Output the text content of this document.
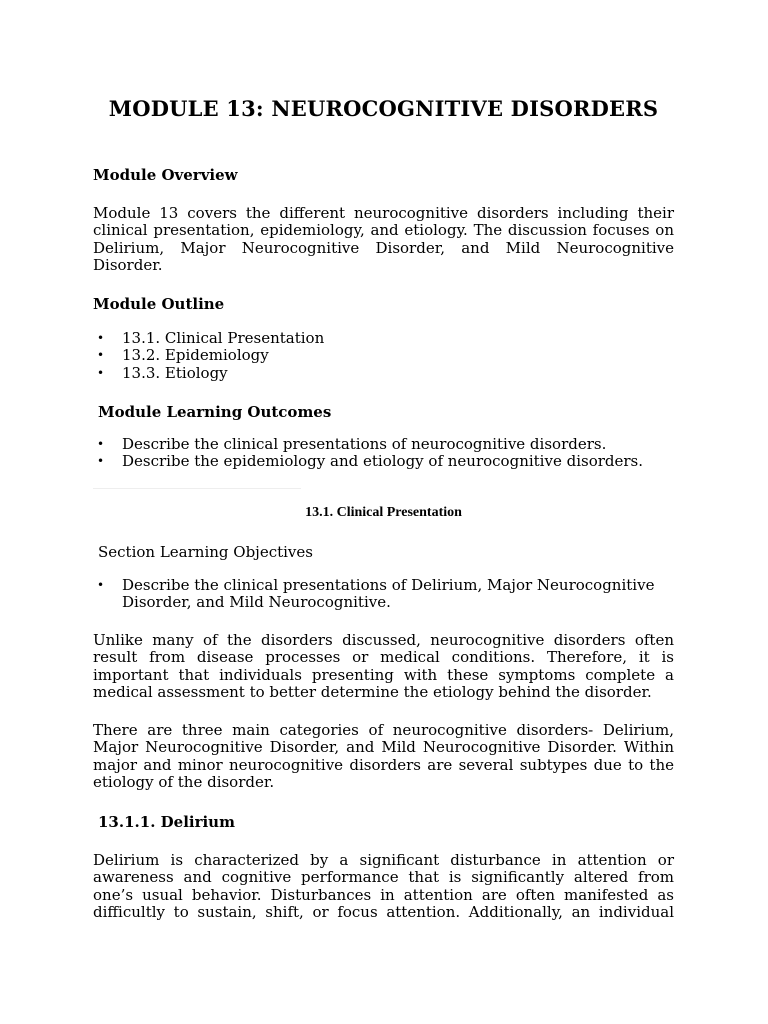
MODULE 13: NEUROCOGNITIVE DISORDERS
Module Overview

Module 13 covers the different neurocognitive disorders including their clinical presentation, epidemiology, and etiology. The discussion focuses on Delirium, Major Neurocognitive Disorder, and Mild Neurocognitive Disorder.

Module Outline
• 13.1. Clinical Presentation
• 13.2. Epidemiology
• 13.3. Etiology
Module Learning Outcomes
• Describe the clinical presentations of neurocognitive disorders.
• Describe the epidemiology and etiology of neurocognitive disorders.
13.1. Clinical Presentation

Section Learning Objectives

• Describe the clinical presentations of Delirium, Major Neurocognitive Disorder, and Mild Neurocognitive.

Unlike many of the disorders discussed, neurocognitive disorders often result from disease processes or medical conditions. Therefore, it is important that individuals presenting with these symptoms complete a medical assessment to better determine the etiology behind the disorder.

There are three main categories of neurocognitive disorders- Delirium, Major Neurocognitive Disorder, and Mild Neurocognitive Disorder. Within major and minor neurocognitive disorders are several subtypes due to the etiology of the disorder.

13.1.1. Delirium

Delirium is characterized by a significant disturbance in attention or awareness and cognitive performance that is significantly altered from one’s usual behavior. Disturbances in attention are often manifested as difficultly to sustain, shift, or focus attention. Additionally, an individual
